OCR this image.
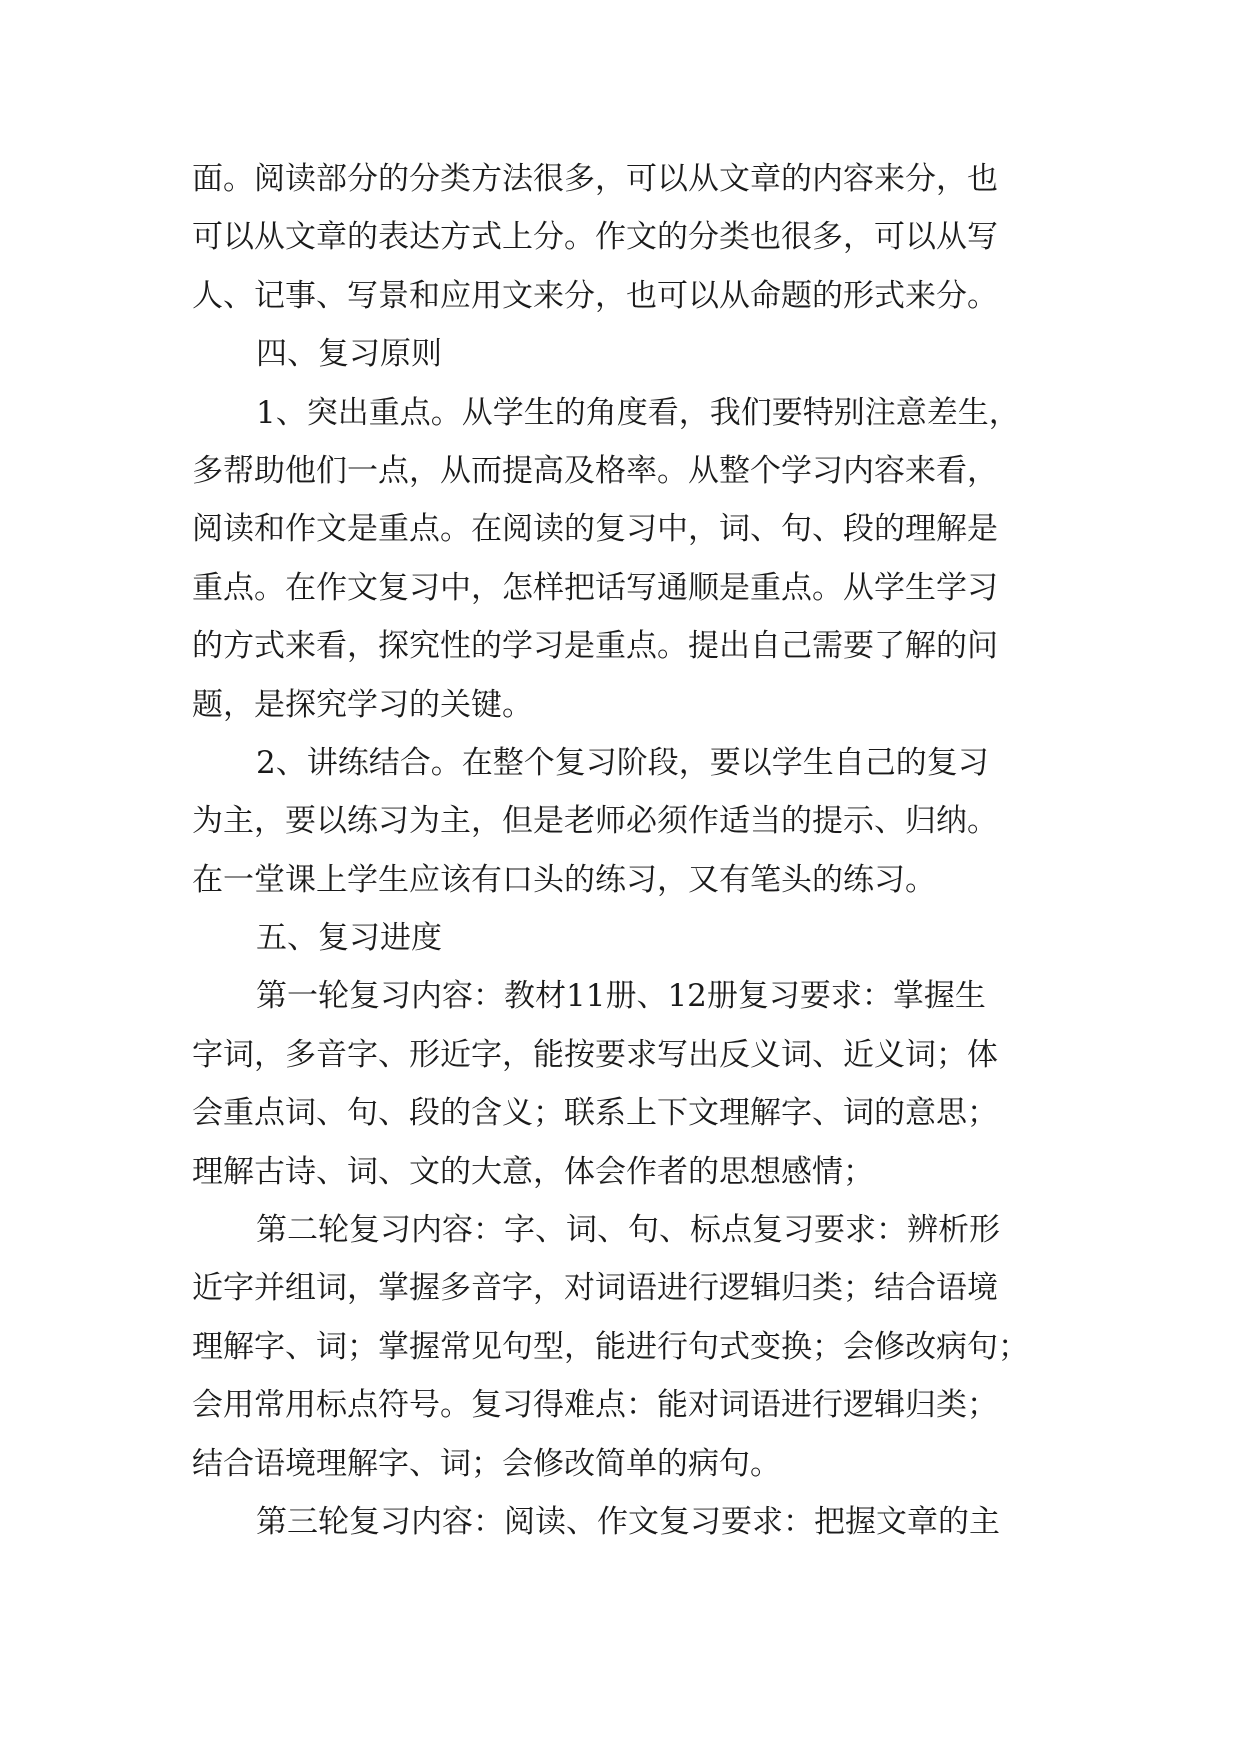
面。阅读部分的分类方法很多，可以从文章的内容来分，也
可以从文章的表达方式上分。作文的分类也很多，可以从写
人、记事、写景和应用文来分，也可以从命题的形式来分。
四、复习原则
1、突出重点。从学生的角度看，我们要特别注意差生，
多帮助他们一点，从而提高及格率。从整个学习内容来看，
阅读和作文是重点。在阅读的复习中，词、句、段的理解是
重点。在作文复习中，怎样把话写通顺是重点。从学生学习
的方式来看，探究性的学习是重点。提出自己需要了解的问
题，是探究学习的关键。
2、讲练结合。在整个复习阶段，要以学生自己的复习
为主，要以练习为主，但是老师必须作适当的提示、归纳。
在一堂课上学生应该有口头的练习，又有笔头的练习。
五、复习进度
第一轮复习内容：教材11册、12册复习要求：掌握生
字词，多音字、形近字，能按要求写出反义词、近义词；体
会重点词、句、段的含义；联系上下文理解字、词的意思；
理解古诗、词、文的大意，体会作者的思想感情；
第二轮复习内容：字、词、句、标点复习要求：辨析形
近字并组词，掌握多音字，对词语进行逻辑归类；结合语境
理解字、词；掌握常见句型，能进行句式变换；会修改病句；
会用常用标点符号。复习得难点：能对词语进行逻辑归类；
结合语境理解字、词；会修改简单的病句。
第三轮复习内容：阅读、作文复习要求：把握文章的主
